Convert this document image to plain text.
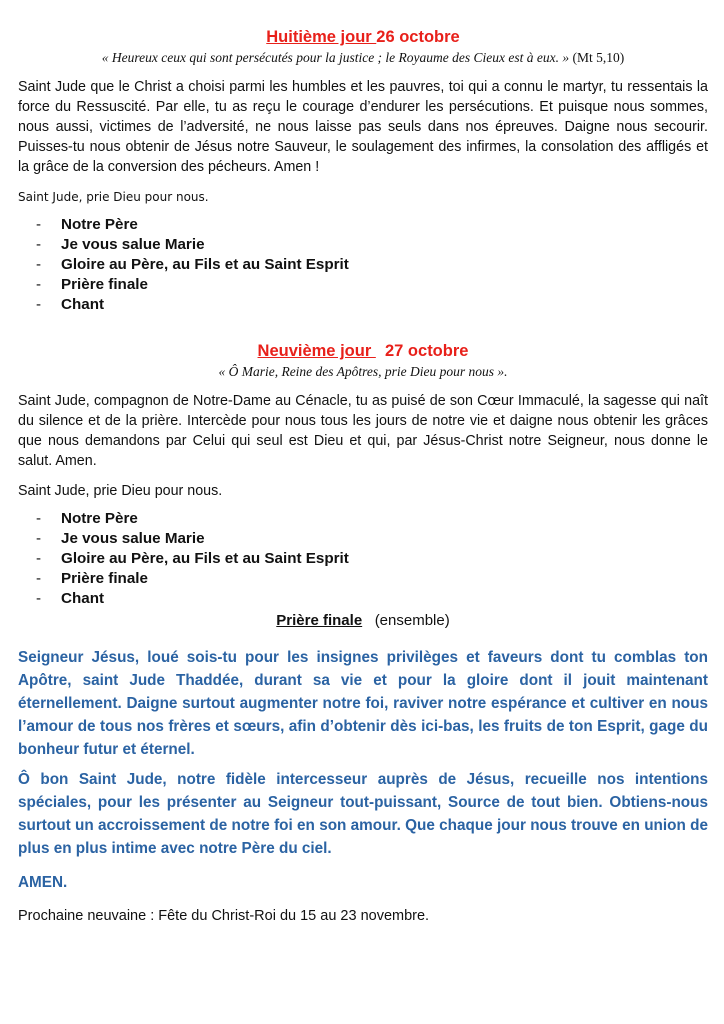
Huitième jour 26 octobre
« Heureux ceux qui sont persécutés pour la justice ; le Royaume des Cieux est à eux. » (Mt 5,10)

Saint Jude que le Christ a choisi parmi les humbles et les pauvres, toi qui a connu le martyr, tu ressentais la force du Ressuscité. Par elle, tu as reçu le courage d’endurer les persécutions. Et puisque nous sommes, nous aussi, victimes de l’adversité, ne nous laisse pas seuls dans nos épreuves. Daigne nous secourir. Puisses-tu nous obtenir de Jésus notre Sauveur, le soulagement des infirmes, la consolation des affligés et la grâce de la conversion des pécheurs. Amen !

Saint Jude, prie Dieu pour nous.
- Notre Père
- Je vous salue Marie
- Gloire au Père, au Fils et au Saint Esprit
- Prière finale
- Chant
Neuvième jour   27 octobre
« Ô Marie, Reine des Apôtres, prie Dieu pour nous ».

Saint Jude, compagnon de Notre-Dame au Cénacle, tu as puisé de son Cœur Immaculé, la sagesse qui naît du silence et de la prière. Intercède pour nous tous les jours de notre vie et daigne nous obtenir les grâces que nous demandons par Celui qui seul est Dieu et qui, par Jésus-Christ notre Seigneur, nous donne le salut. Amen.

Saint Jude, prie Dieu pour nous.
- Notre Père
- Je vous salue Marie
- Gloire au Père, au Fils et au Saint Esprit
- Prière finale
- Chant
Prière finale (ensemble)

Seigneur Jésus, loué sois-tu pour les insignes privilèges et faveurs dont tu comblas ton Apôtre, saint Jude Thaddée, durant sa vie et pour la gloire dont il jouit maintenant éternellement. Daigne surtout augmenter notre foi, raviver notre espérance et cultiver en nous l’amour de tous nos frères et sœurs, afin d’obtenir dès ici-bas, les fruits de ton Esprit, gage du bonheur futur et éternel.

Ô bon Saint Jude, notre fidèle intercesseur auprès de Jésus, recueille nos intentions spéciales, pour les présenter au Seigneur tout-puissant, Source de tout bien. Obtiens-nous surtout un accroissement de notre foi en son amour. Que chaque jour nous trouve en union de plus en plus intime avec notre Père du ciel.

AMEN.
Prochaine neuvaine : Fête du Christ-Roi du 15 au 23 novembre.
